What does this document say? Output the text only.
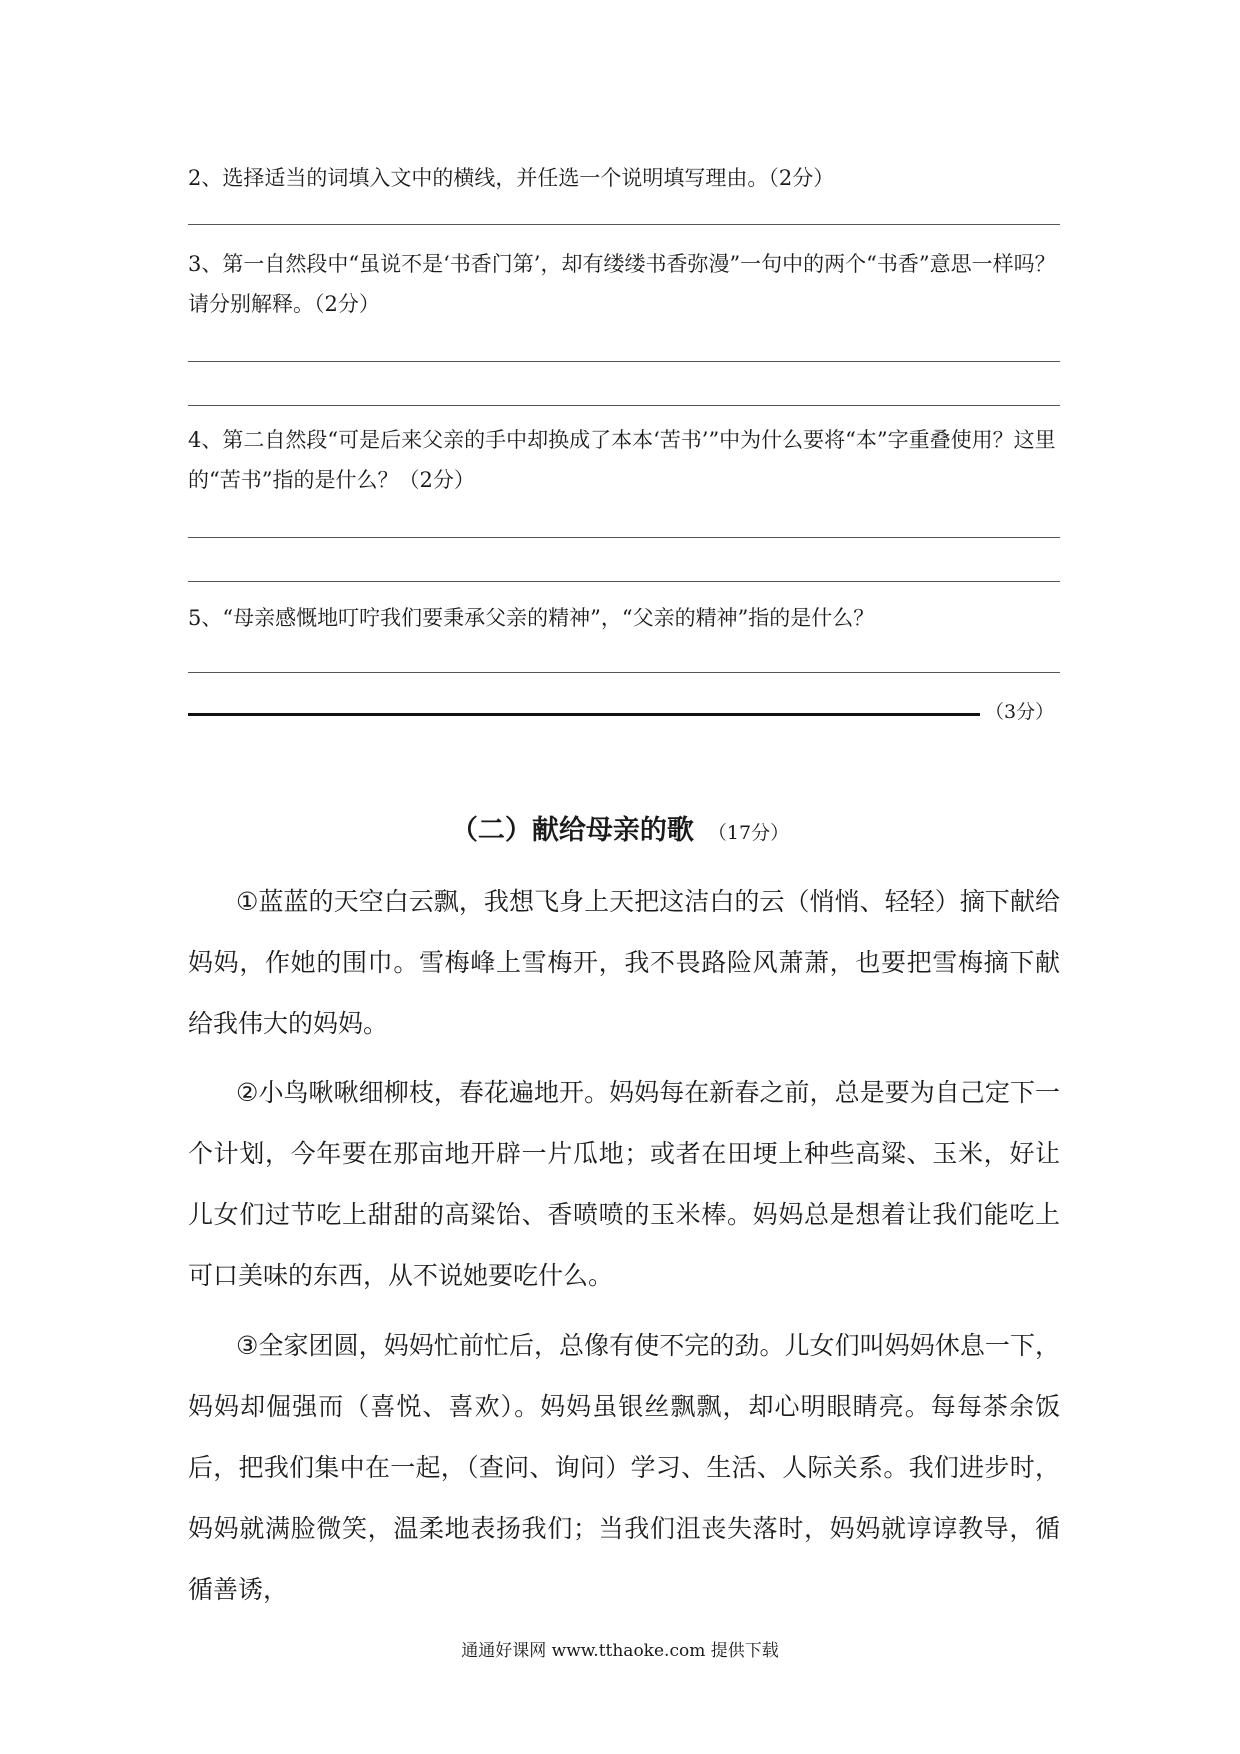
2、选择适当的词填入文中的横线，并任选一个说明填写理由。（2分）
3、第一自然段中“虽说不是‘书香门第’，却有缕缕书香弥漫”一句中的两个“书香”意思一样吗？请分别解释。（2分）
4、第二自然段“可是后来父亲的手中却换成了本本‘苦书’”中为什么要将“本”字重叠使用？这里的“苦书”指的是什么？（2分）
5、“母亲感慨地叮咛我们要秉承父亲的精神”，“父亲的精神”指的是什么？
（3分）
（二）献给母亲的歌 （17分）
①蓝蓝的天空白云飘，我想飞身上天把这洁白的云（悄悄、轻轻）摘下献给妈妈，作她的围巾。雪梅峰上雪梅开，我不畏路险风萧萧，也要把雪梅摘下献给我伟大的妈妈。
②小鸟啾啾细柳枝，春花遍地开。妈妈每在新春之前，总是要为自己定下一个计划，今年要在那亩地开辟一片瓜地；或者在田埂上种些高粱、玉米，好让儿女们过节吃上甜甜的高粱饴、香喷喷的玉米棒。妈妈总是想着让我们能吃上可口美味的东西，从不说她要吃什么。
③全家团圆，妈妈忙前忙后，总像有使不完的劲。儿女们叫妈妈休息一下，妈妈却倔强而（喜悦、喜欢）。妈妈虽银丝飘飘，却心明眼睛亮。每每茶余饭后，把我们集中在一起，（查问、询问）学习、生活、人际关系。我们进步时，妈妈就满脸微笑，温柔地表扬我们；当我们沮丧失落时，妈妈就谆谆教导，循循善诱，
通通好课网 www.tthaoke.com 提供下载
